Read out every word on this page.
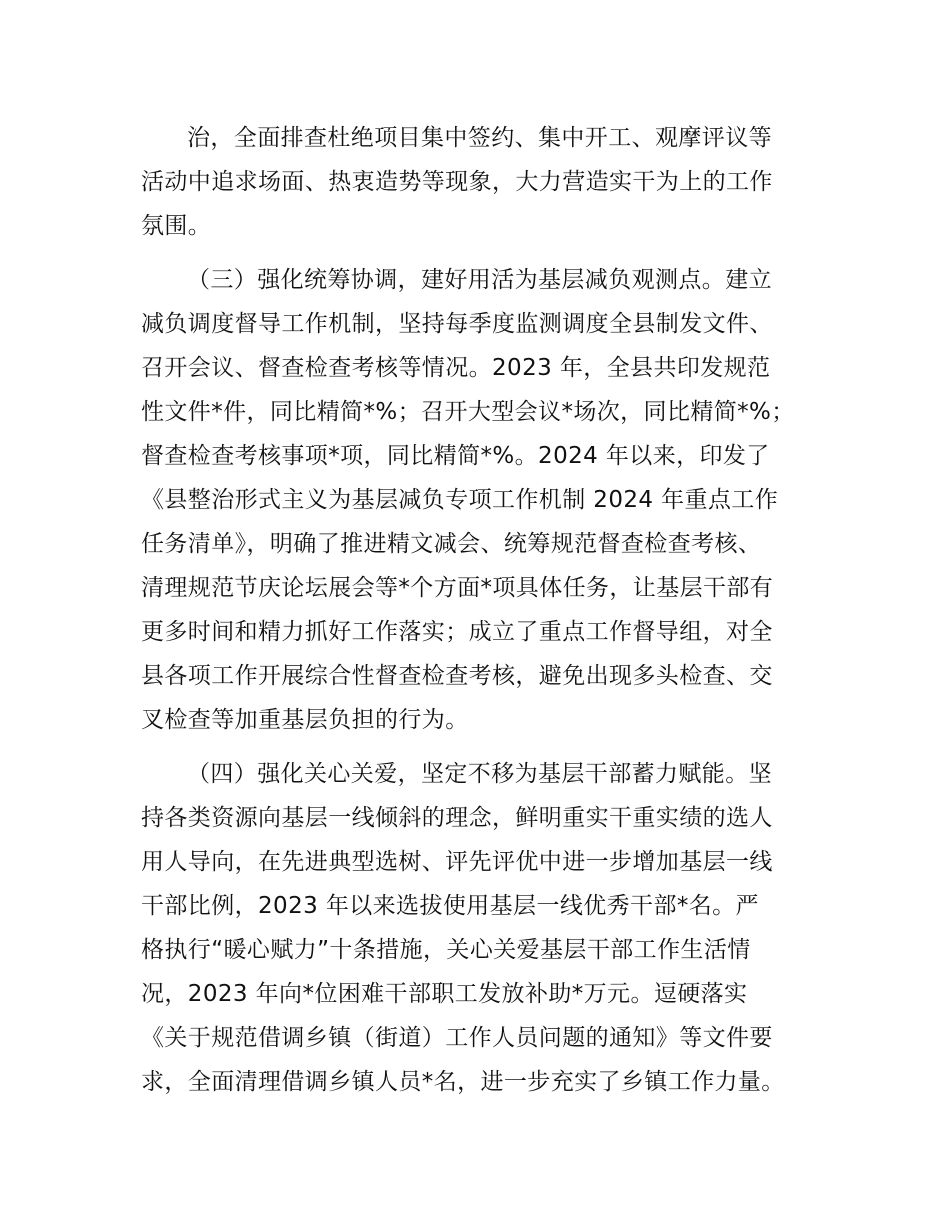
治，全面排查杜绝项目集中签约、集中开工、观摩评议等
活动中追求场面、热衷造势等现象，大力营造实干为上的工作
氛围。
（三）强化统筹协调，建好用活为基层减负观测点。建立
减负调度督导工作机制，坚持每季度监测调度全县制发文件、
召开会议、督查检查考核等情况。2023 年，全县共印发规范
性文件*件，同比精简*%；召开大型会议*场次，同比精简*%；
督查检查考核事项*项，同比精简*%。2024 年以来，印发了
《县整治形式主义为基层减负专项工作机制 2024 年重点工作
任务清单》，明确了推进精文减会、统筹规范督查检查考核、
清理规范节庆论坛展会等*个方面*项具体任务，让基层干部有
更多时间和精力抓好工作落实；成立了重点工作督导组，对全
县各项工作开展综合性督查检查考核，避免出现多头检查、交
叉检查等加重基层负担的行为。
（四）强化关心关爱，坚定不移为基层干部蓄力赋能。坚
持各类资源向基层一线倾斜的理念，鲜明重实干重实绩的选人
用人导向，在先进典型选树、评先评优中进一步增加基层一线
干部比例，2023 年以来选拔使用基层一线优秀干部*名。严
格执行“暖心赋力”十条措施，关心关爱基层干部工作生活情
况，2023 年向*位困难干部职工发放补助*万元。逗硬落实
《关于规范借调乡镇（街道）工作人员问题的通知》等文件要
求，全面清理借调乡镇人员*名，进一步充实了乡镇工作力量。
